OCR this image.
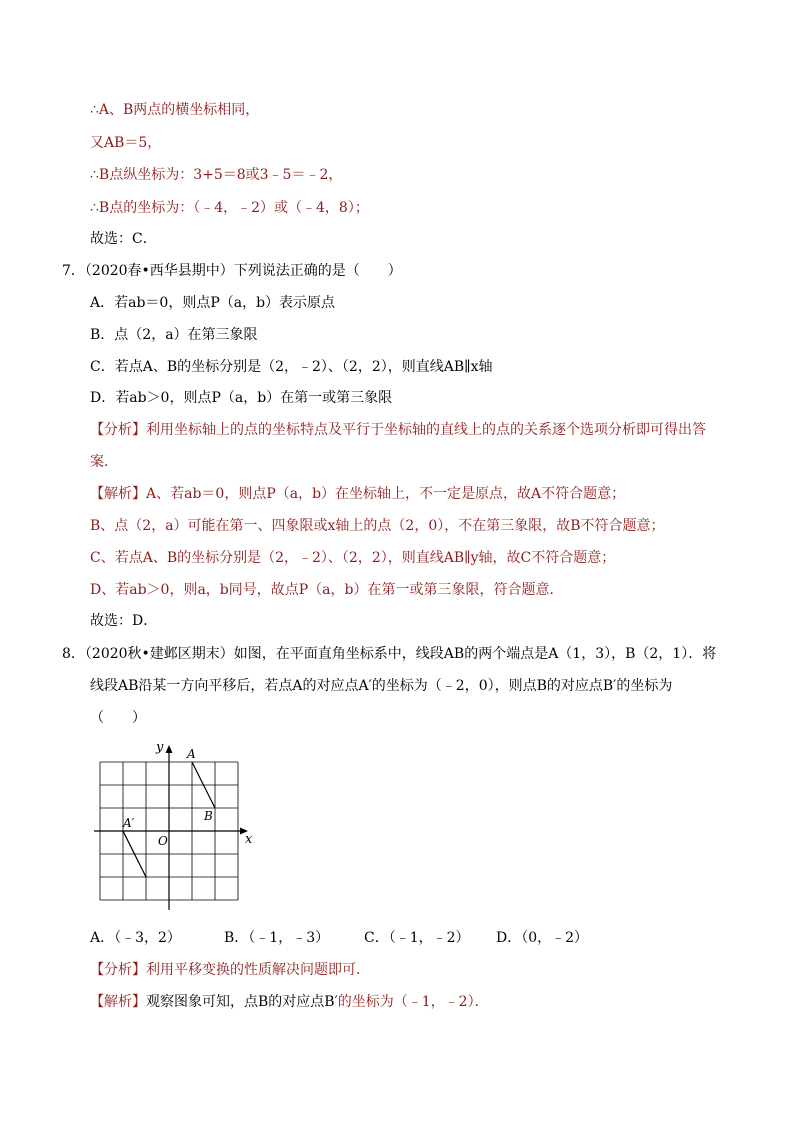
∴A、B两点的横坐标相同，
又AB＝5，
∴B点纵坐标为：3+5＝8或3﹣5＝﹣2，
∴B点的坐标为：（﹣4，﹣2）或（﹣4，8）；
故选：C．
7．（2020春•西华县期中）下列说法正确的是（　　）
A．若ab＝0，则点P（a，b）表示原点
B．点（2，a）在第三象限
C．若点A、B的坐标分别是（2，﹣2）、（2，2），则直线AB∥x轴
D．若ab＞0，则点P（a，b）在第一或第三象限
【分析】利用坐标轴上的点的坐标特点及平行于坐标轴的直线上的点的关系逐个选项分析即可得出答
案．
【解析】A、若ab＝0，则点P（a，b）在坐标轴上，不一定是原点，故A不符合题意；
B、点（2，a）可能在第一、四象限或x轴上的点（2，0），不在第三象限，故B不符合题意；
C、若点A、B的坐标分别是（2，﹣2）、（2，2），则直线AB∥y轴，故C不符合题意；
D、若ab＞0，则a，b同号，故点P（a，b）在第一或第三象限，符合题意．
故选：D．
8．（2020秋•建邺区期末）如图，在平面直角坐标系中，线段AB的两个端点是A（1，3），B（2，1）．将
线段AB沿某一方向平移后，若点A的对应点A′的坐标为（﹣2，0），则点B的对应点B′的坐标为
（　　）
y
x
O
A
B
A′
A．（﹣3，2）	B．（﹣1，﹣3） C．（﹣1，﹣2） D．（0，﹣2）
【分析】利用平移变换的性质解决问题即可．
【解析】观察图象可知，点B的对应点B′的坐标为（﹣1，﹣2）．
